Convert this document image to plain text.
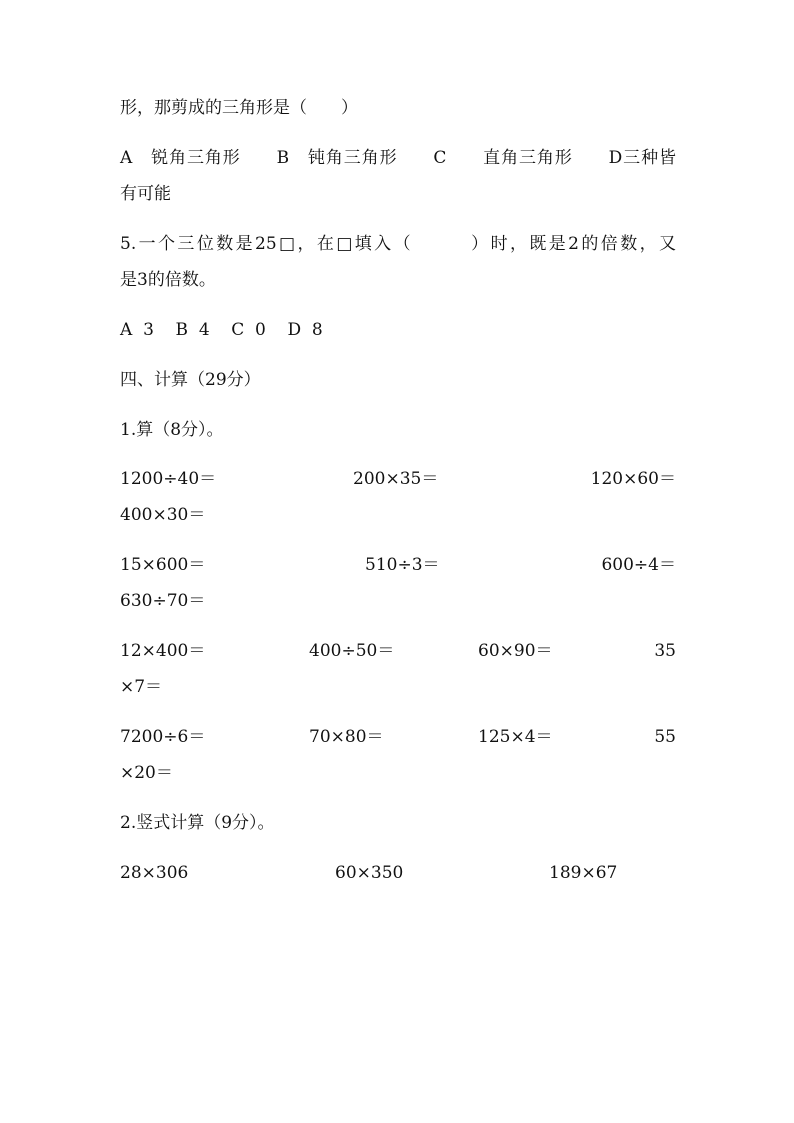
形，那剪成的三角形是（　　）
A　锐角三角形　　B　钝角三角形　　C　　直角三角形　　D三种皆
有可能
5.一个三位数是25□，在□填入（　　　）时，既是2的倍数，又
是3的倍数。
A  3    B  4    C  0    D  8
四、计算（29分）
1.算（8分）。
1200÷40＝	200×35＝	120×60＝
400×30＝
15×600＝	510÷3＝	600÷4＝
630÷70＝
12×400＝	400÷50＝	60×90＝	35
×7＝
7200÷6＝	70×80＝	125×4＝	55
×20＝
2.竖式计算（9分）。
28×306	60×350	189×67
